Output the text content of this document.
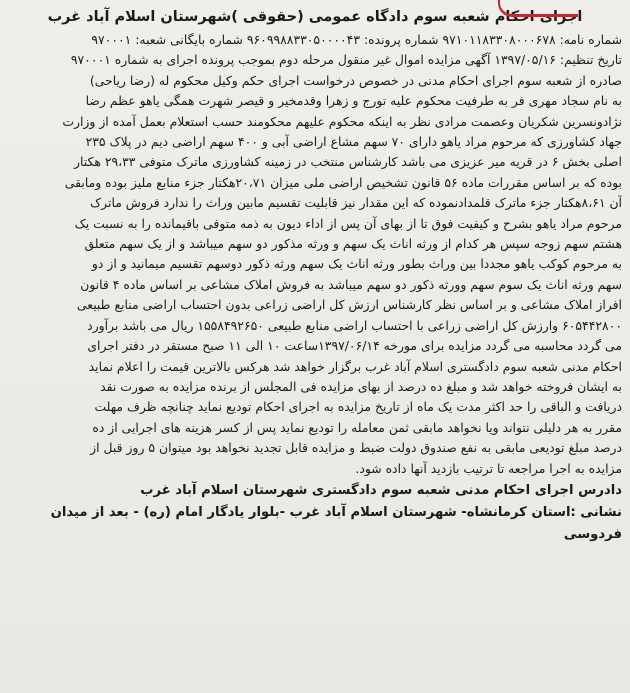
اجرای احکام شعبه سوم دادگاه عمومی (حقوقی )شهرستان اسلام آباد غرب
شماره نامه: ۹۷۱۰۱۱۸۳۳۰۸۰۰۰۶۷۸ شماره پرونده: ۹۶۰۹۹۸۸۳۳۰۵۰۰۰۰۴۳ شماره بایگانی شعبه: ۹۷۰۰۰۱
تاریخ تنظیم: ۱۳۹۷/۰۵/۱۶ آگهی مزایده اموال غیر منقول مرحله دوم بموجب پرونده اجرای به شماره ۹۷۰۰۰۱
صادره از شعبه سوم اجرای احکام مدنی در خصوص درخواست اجرای حکم وکیل محکوم له (رضا ریاحی)
به نام سجاد مهری فر به طرفیت محکوم علیه تورج و زهرا وقدمخیر و قیصر شهرت همگی یاهو عظم رضا
نژادونسرین شکریان وعصمت مرادی نظر به اینکه محکوم علیهم محکومند حسب استعلام بعمل آمده از وزارت
جهاد کشاورزی که مرحوم مراد یاهو دارای ۷۰ سهم مشاع اراضی آبی و ۴۰۰ سهم اراضی دیم در پلاک ۲۳۵
اصلی بخش ۶ در قریه میر عزیزی می باشد کارشناس منتخب در زمینه کشاورزی ماترک متوفی ۲۹،۳۳ هکتار
بوده که بر اساس مقررات ماده ۵۶ قانون تشخیص اراضی ملی میزان ۲۰،۷۱هکتار جزء منابع ملیز بوده ومابقی
آن ۸،۶۱هکتار جزء ماترک قلمدادنموده که این مقدار نیز قابلیت تقسیم مابین وراث را ندارد فروش ماترک
مرحوم مراد یاهو بشرح و کیفیت فوق تا از بهای آن پس از اداء دیون به ذمه متوفی باقیمانده را به نسبت یک
هشتم سهم زوجه سپس هر کدام از ورثه اناث یک سهم و ورثه مذکور دو سهم میباشد و از یک سهم متعلق
به مرحوم کوکب یاهو مجددا بین وراث بطور ورثه اناث یک سهم ورثه ذکور دوسهم تقسیم میمانید و از دو
سهم ورثه اناث یک سوم سهم وورثه ذکور دو سهم میباشد به فروش املاک مشاعی بر اساس ماده ۴ قانون
افراز املاک مشاعی و بر اساس نظر کارشناس ارزش کل اراضی زراعی بدون احتساب اراضی منابع طبیعی
۶۰۵۴۴۲۸۰۰ وارزش کل اراضی زراعی با احتساب اراضی منابع طبیعی ۱۵۵۸۴۹۲۶۵۰ ریال می باشد برآورد
می گردد محاسبه می گردد مزایده برای مورخه ۱۳۹۷/۰۶/۱۴ساعت ۱۰ الی ۱۱ صبح مستقر در دفتر اجرای
احکام مدنی شعبه سوم دادگستری اسلام آباد غرب برگزار خواهد شد هرکس بالاترین قیمت را اعلام نماید
به ایشان فروخته خواهد شد و مبلغ ده درصد از بهای مزایده فی المجلس از برنده مزایده به صورت نقد
دریافت و الباقی را حد اکثر مدت یک ماه از تاریخ مزایده به اجرای احکام تودیع نماید چنانچه ظرف مهلت
مقرر به هر دلیلی نتواند ویا نخواهد مابقی ثمن معامله را تودیع نماید پس از کسر هزینه های اجرایی از ده
درصد مبلغ تودیعی مابقی به نفع صندوق دولت ضبط و مزایده قابل تجدید نخواهد بود میتوان ۵ روز قبل از
مزایده به اجرا مراجعه تا ترتیب بازدید آنها داده شود.
دادرس اجرای احکام مدنی شعبه سوم دادگستری شهرستان اسلام آباد غرب
نشانی :استان کرمانشاه- شهرستان اسلام آباد غرب -بلوار یادگار امام (ره) - بعد از میدان
فردوسی
